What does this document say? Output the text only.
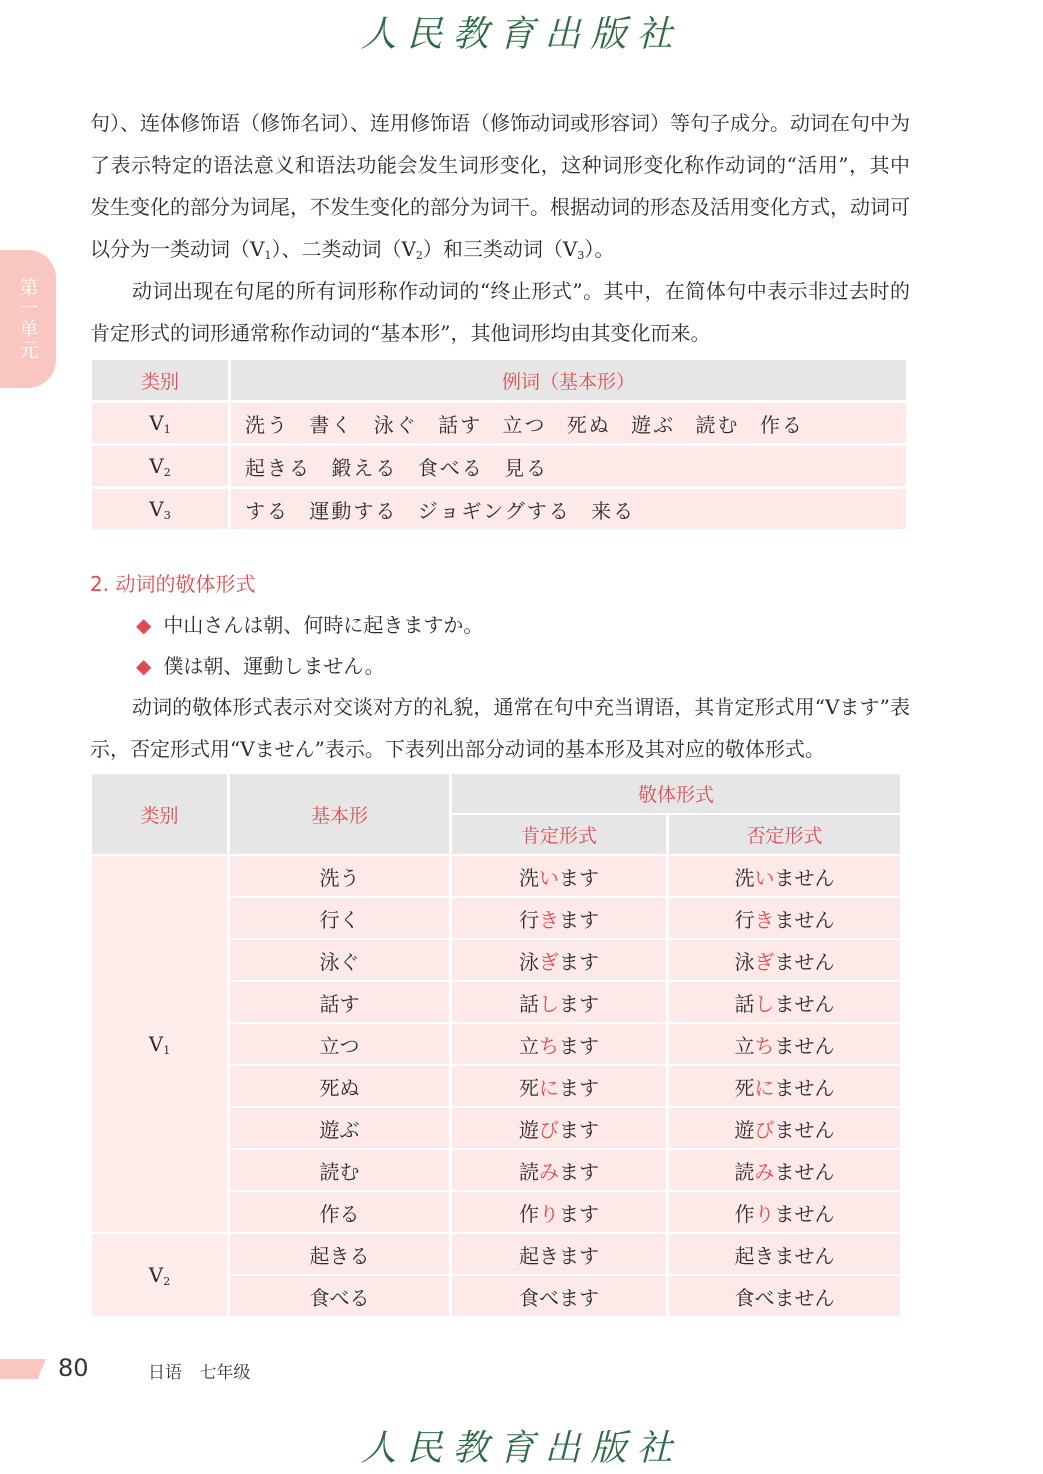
人民教育出版社
第一单元

句）、连体修饰语（修饰名词）、连用修饰语（修饰动词或形容词）等句子成分。动词在句中为了表示特定的语法意义和语法功能会发生词形变化，这种词形变化称作动词的“活用”，其中发生变化的部分为词尾，不发生变化的部分为词干。根据动词的形态及活用变化方式，动词可以分为一类动词$(V_1)$、二类动词$(V_2)$和三类动词$(V_3)$。

动词出现在句尾的所有词形称作动词的“终止形式”。其中，在简体句中表示非过去时的肯定形式的词形通常称作动词的“基本形”，其他词形均由其变化而来。

类别	例词（基本形）
$V_1$	洗う 書く 泳ぐ 話す 立つ 死ぬ 遊ぶ 読む 作る
$V_2$	起きる 鍛える 食べる 見る
$V_3$	する 運動する ジョギングする 来る
2. 动词的敬体形式
◆ 中山さんは朝、何時に起きますか。
◆ 僕は朝、運動しません。

动词的敬体形式表示对交谈对方的礼貌，通常在句中充当谓语，其肯定形式用“Vます”表示，否定形式用“Vません”表示。下表列出部分动词的基本形及其对应的敬体形式。

类别	基本形	敬体形式	
		肯定形式	否定形式
$V_1$	洗う	洗います	洗いません
	行く	行きます	行きません
	泳ぐ	泳ぎます	泳ぎません
	話す	話します	話しません
	立つ	立ちます	立ちません
	死ぬ	死にます	死にません
	遊ぶ	遊びます	遊びません
	読む	読みます	読みません
	作る	作ります	作りません
$V_2$	起きる	起きます	起きません
	食べる	食べます	食べません
80	日语 七年级
人民教育出版社
